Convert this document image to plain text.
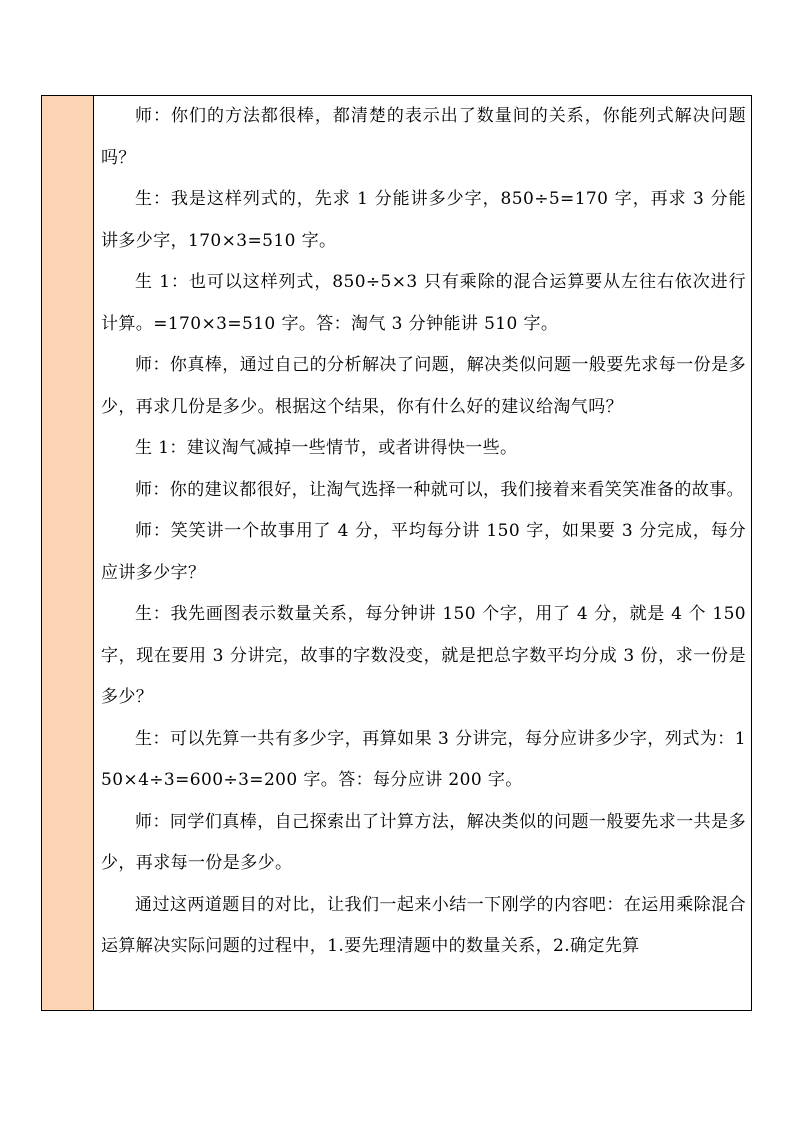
师：你们的方法都很棒，都清楚的表示出了数量间的关系，你能列式解决问题吗？

生：我是这样列式的，先求 1 分能讲多少字，850÷5=170 字，再求 3 分能讲多少字，170×3=510 字。

生 1：也可以这样列式，850÷5×3 只有乘除的混合运算要从左往右依次进行计算。=170×3=510 字。答：淘气 3 分钟能讲 510 字。

师：你真棒，通过自己的分析解决了问题，解决类似问题一般要先求每一份是多少，再求几份是多少。根据这个结果，你有什么好的建议给淘气吗？

生 1：建议淘气减掉一些情节，或者讲得快一些。

师：你的建议都很好，让淘气选择一种就可以，我们接着来看笑笑准备的故事。

师：笑笑讲一个故事用了 4 分，平均每分讲 150 字，如果要 3 分完成，每分应讲多少字？

生：我先画图表示数量关系，每分钟讲 150 个字，用了 4 分，就是 4 个 150 字，现在要用 3 分讲完，故事的字数没变，就是把总字数平均分成 3 份，求一份是多少？

生：可以先算一共有多少字，再算如果 3 分讲完，每分应讲多少字，列式为：150×4÷3=600÷3=200 字。答：每分应讲 200 字。

师：同学们真棒，自己探索出了计算方法，解决类似的问题一般要先求一共是多少，再求每一份是多少。

通过这两道题目的对比，让我们一起来小结一下刚学的内容吧：在运用乘除混合运算解决实际问题的过程中，1.要先理清题中的数量关系，2.确定先算
